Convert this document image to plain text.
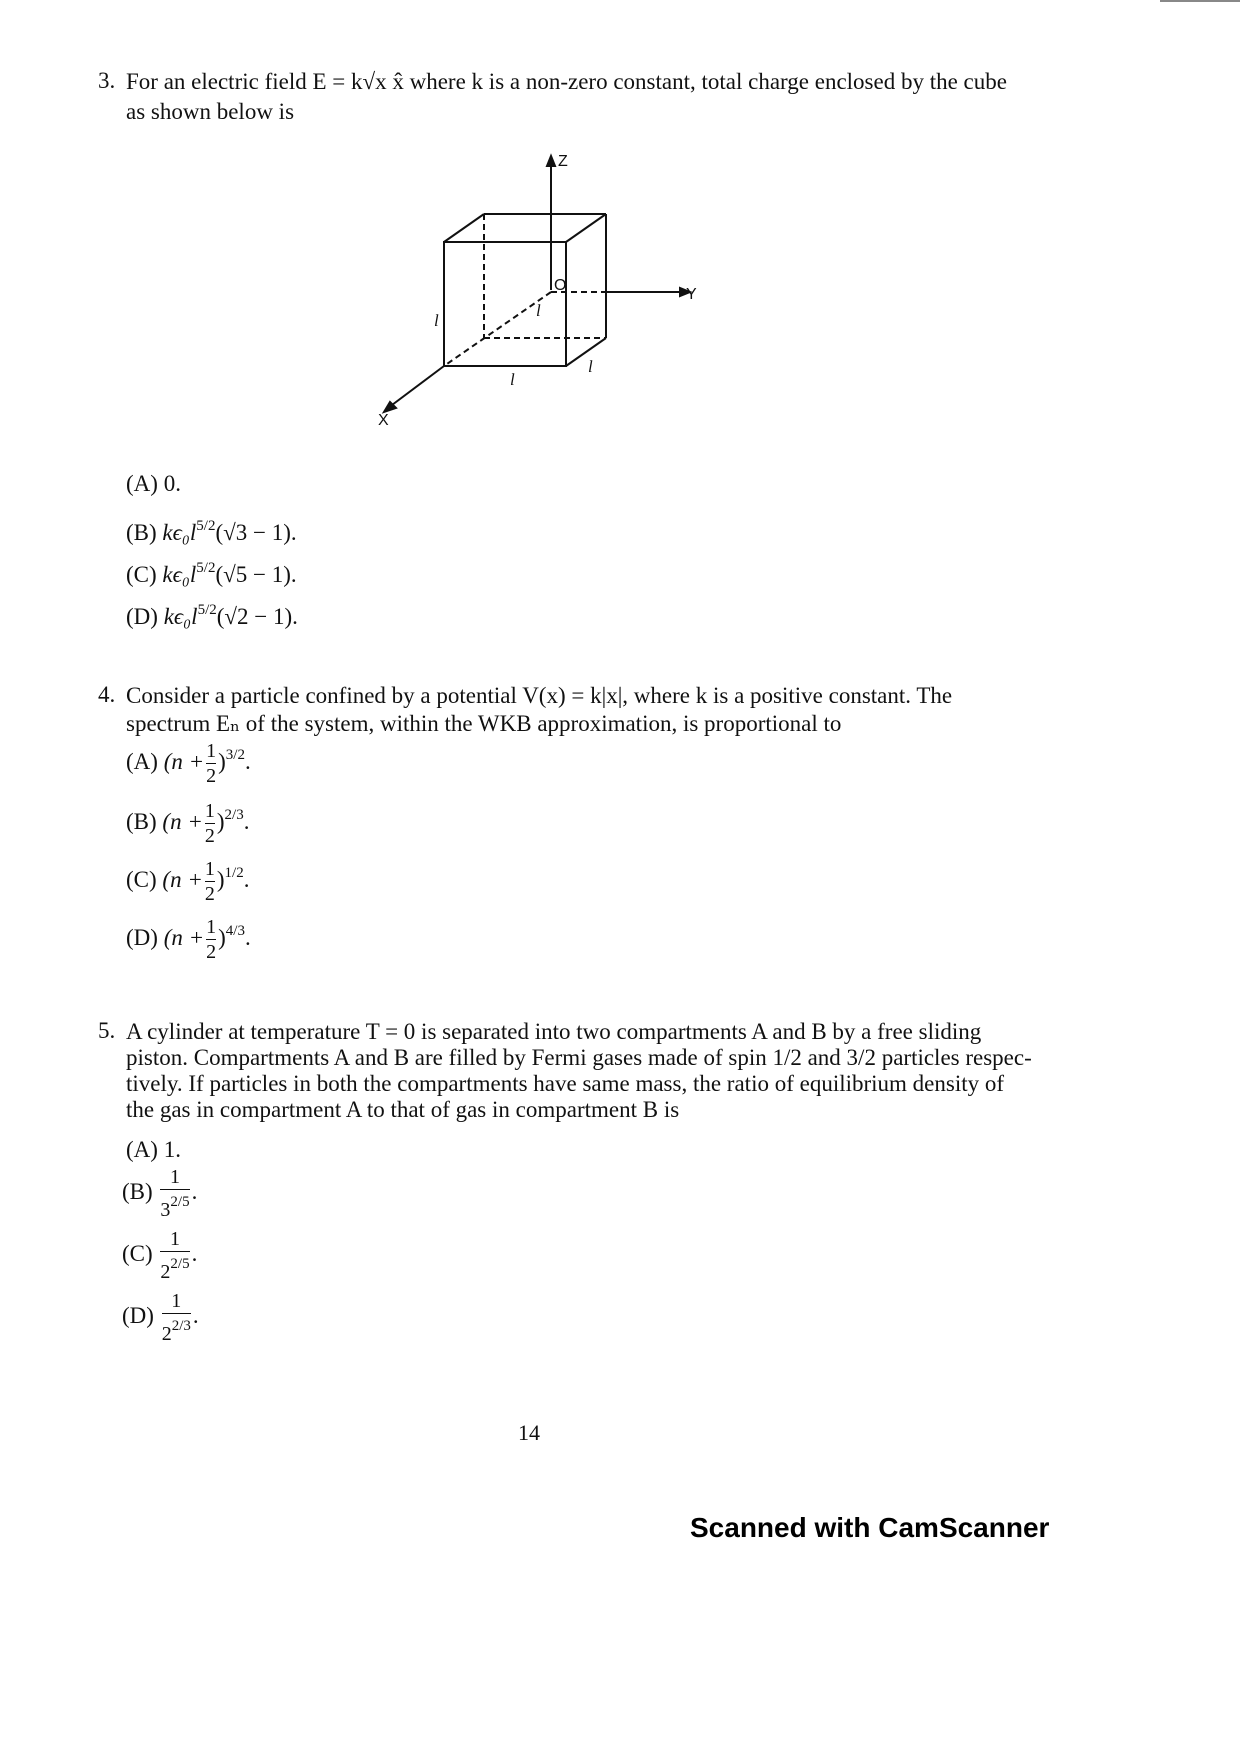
3. For an electric field E = k√x x̂ where k is a non-zero constant, total charge enclosed by the cube
as shown below is
Z
Y
X
O
l
l
l
l
(A) 0.
(B) $k\epsilon_0l^{5/2}(√3 - 1)$.
(C) $k\epsilon_0l^{5/2}(√5 - 1)$.
(D) $k\epsilon_0l^{5/2}(√2 - 1)$.
4. Consider a particle confined by a potential V(x) = k|x|, where k is a positive constant. The
spectrum Eₙ of the system, within the WKB approximation, is proportional to
(A) $(n + \frac{1}{2} )^{3/2}$.
(B) $(n + \frac{1}{2} )^{2/3}$.
(C) $(n + \frac{1}{2} )^{1/2}$.
(D) $(n + \frac{1}{2} )^{4/3}$.
5. A cylinder at temperature T = 0 is separated into two compartments A and B by a free sliding
piston. Compartments A and B are filled by Fermi gases made of spin 1/2 and 3/2 particles respec-
tively. If particles in both the compartments have same mass, the ratio of equilibrium density of
the gas in compartment A to that of gas in compartment B is
(A) 1.
$(B) \frac{1}{3^{2/5}}$ .
$(C) \frac{1}{2^{2/5}}$ .
$(D) \frac{1}{2^{2/3}}$ .
14
Scanned with CamScanner
